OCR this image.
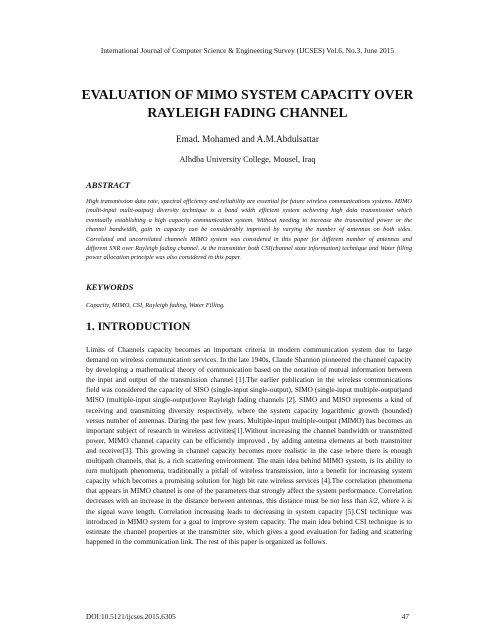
International Journal of Computer Science & Engineering Survey (IJCSES) Vol.6, No.3, June 2015
EVALUATION OF MIMO SYSTEM CAPACITY OVER
RAYLEIGH FADING CHANNEL
Emad. Mohamed and A.M.Abdulsattar
Alhdba University College, Mousel, Iraq
ABSTRACT

High transmission data rate, spectral efficiency and reliability are essential for future wireless communications systems. MIMO (multi-input multi-output) diversity technique is a band width efficient system achieving high data transmission which eventually establishing a high capacity communication system. Without needing to increase the transmitted power or the channel bandwidth, gain in capacity can be considerably improved by varying the number of antennas on both sides. Correlated and uncorrelated channels MIMO system was considered in this paper for different number of antennas and different SNR over Rayleigh fading channel. At the transmitter both CSI(channel state information) technique and Water filling power allocation principle was also considered in this paper.

KEYWORDS

Capacity, MIMO, CSI, Rayleigh fading, Water Filling.

1. INTRODUCTION

Limits of Channels capacity becomes an important criteria in modern communication system due to large demand on wireless communication services. In the late 1940s, Claude Shannon pioneered the channel capacity by developing a mathematical theory of communication based on the notation of mutual information between the input and output of the transmission channel [1].The earlier publication in the wireless communications field was considered the capacity of SISO (single-input single-output), SIMO (single-input multiple-output)and MISO (multiple-input single-output)over Rayleigh fading channels [2]. SIMO and MISO represents a kind of receiving and transmitting diversity respectively, where the system capacity logarithmic growth (bounded) versus number of antennas. During the past few years, Multiple-input multiple-output (MIMO) has becomes an important subject of research in wireless activities[1].Without increasing the channel bandwidth or transmitted power, MIMO channel capacity can be efficiently improved , by adding antenna elements at both transmitter and receiver[3]. This growing in channel capacity becomes more realistic in the case where there is enough multipath channels, that is, a rich scattering environment. The main idea behind MIMO system, is its ability to turn multipath phenomena, traditionally a pitfall of wireless transmission, into a benefit for increasing system capacity which becomes a promising solution for high bit rate wireless services [4].The correlation phenomena that appears in MIMO channel is one of the parameters that strongly affect the system performance. Correlation decreases with an increase in the distance between antennas, this distance must be not less than λ/2, where λ is the signal wave length. Correlation increasing leads to decreasing in system capacity [5].CSI technique was introduced in MIMO system for a goal to improve system capacity. The main idea behind CSI technique is to estimate the channel properties at the transmitter site, which gives a good evaluation for fading and scattering happened in the communication link. The rest of this paper is organized as follows.

DOI:10.5121/ijcses.2015.6305	47
